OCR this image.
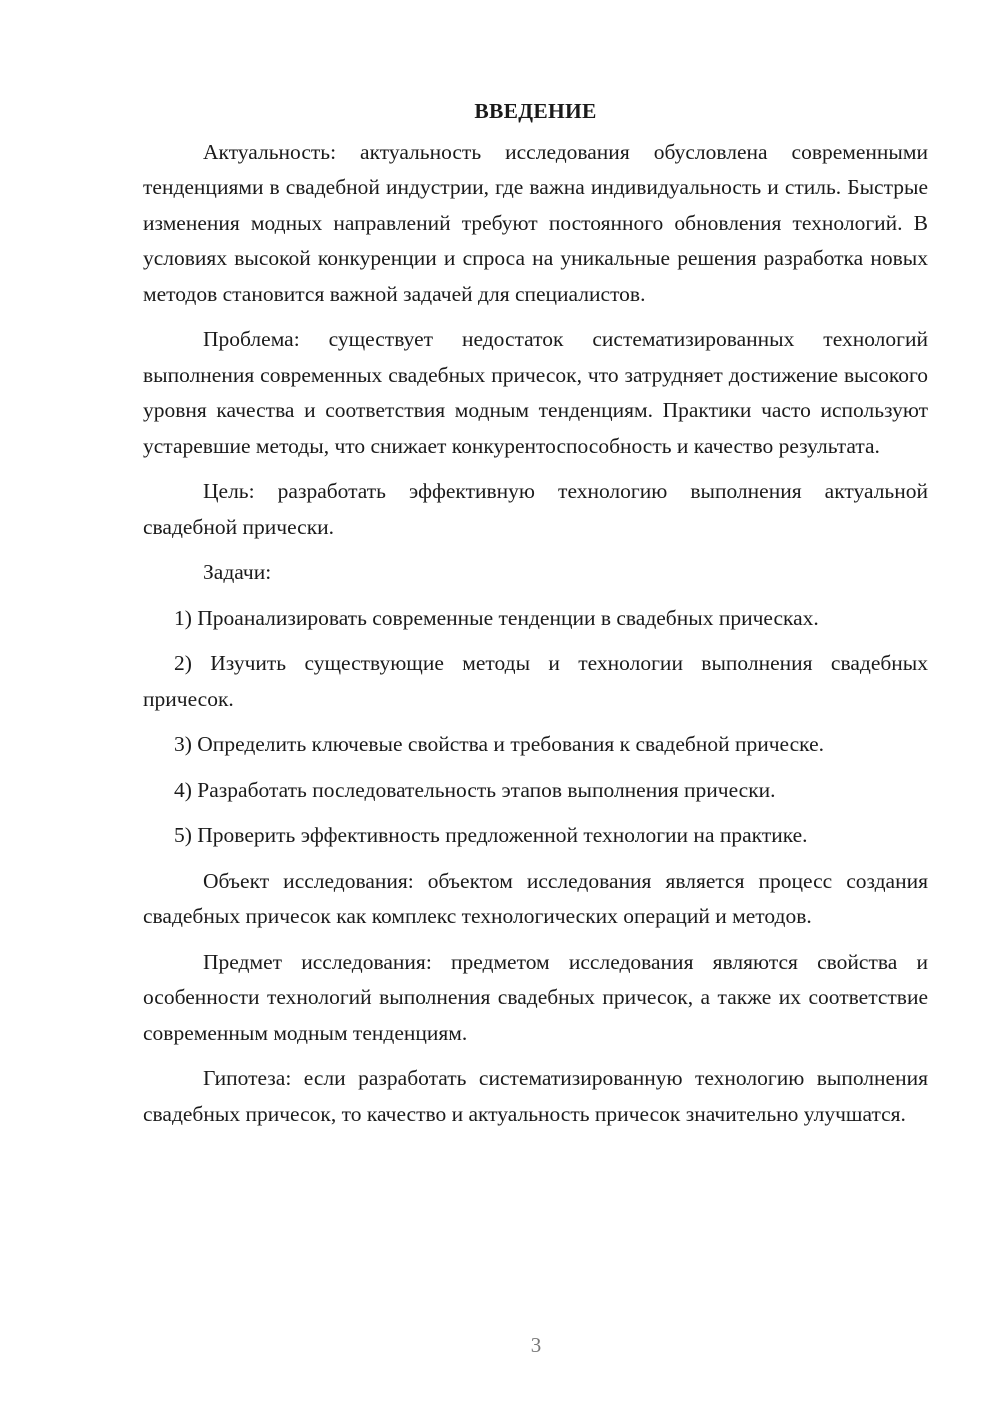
ВВЕДЕНИЕ

Актуальность: актуальность исследования обусловлена современными тенденциями в свадебной индустрии, где важна индивидуальность и стиль. Быстрые изменения модных направлений требуют постоянного обновления технологий. В условиях высокой конкуренции и спроса на уникальные решения разработка новых методов становится важной задачей для специалистов.

Проблема: существует недостаток систематизированных технологий выполнения современных свадебных причесок, что затрудняет достижение высокого уровня качества и соответствия модным тенденциям. Практики часто используют устаревшие методы, что снижает конкурентоспособность и качество результата.

Цель: разработать эффективную технологию выполнения актуальной свадебной прически.

Задачи:

1) Проанализировать современные тенденции в свадебных прическах.

2) Изучить существующие методы и технологии выполнения свадебных причесок.

3) Определить ключевые свойства и требования к свадебной прическе.

4) Разработать последовательность этапов выполнения прически.

5) Проверить эффективность предложенной технологии на практике.

Объект исследования: объектом исследования является процесс создания свадебных причесок как комплекс технологических операций и методов.

Предмет исследования: предметом исследования являются свойства и особенности технологий выполнения свадебных причесок, а также их соответствие современным модным тенденциям.

Гипотеза: если разработать систематизированную технологию выполнения свадебных причесок, то качество и актуальность причесок значительно улучшатся.

3
